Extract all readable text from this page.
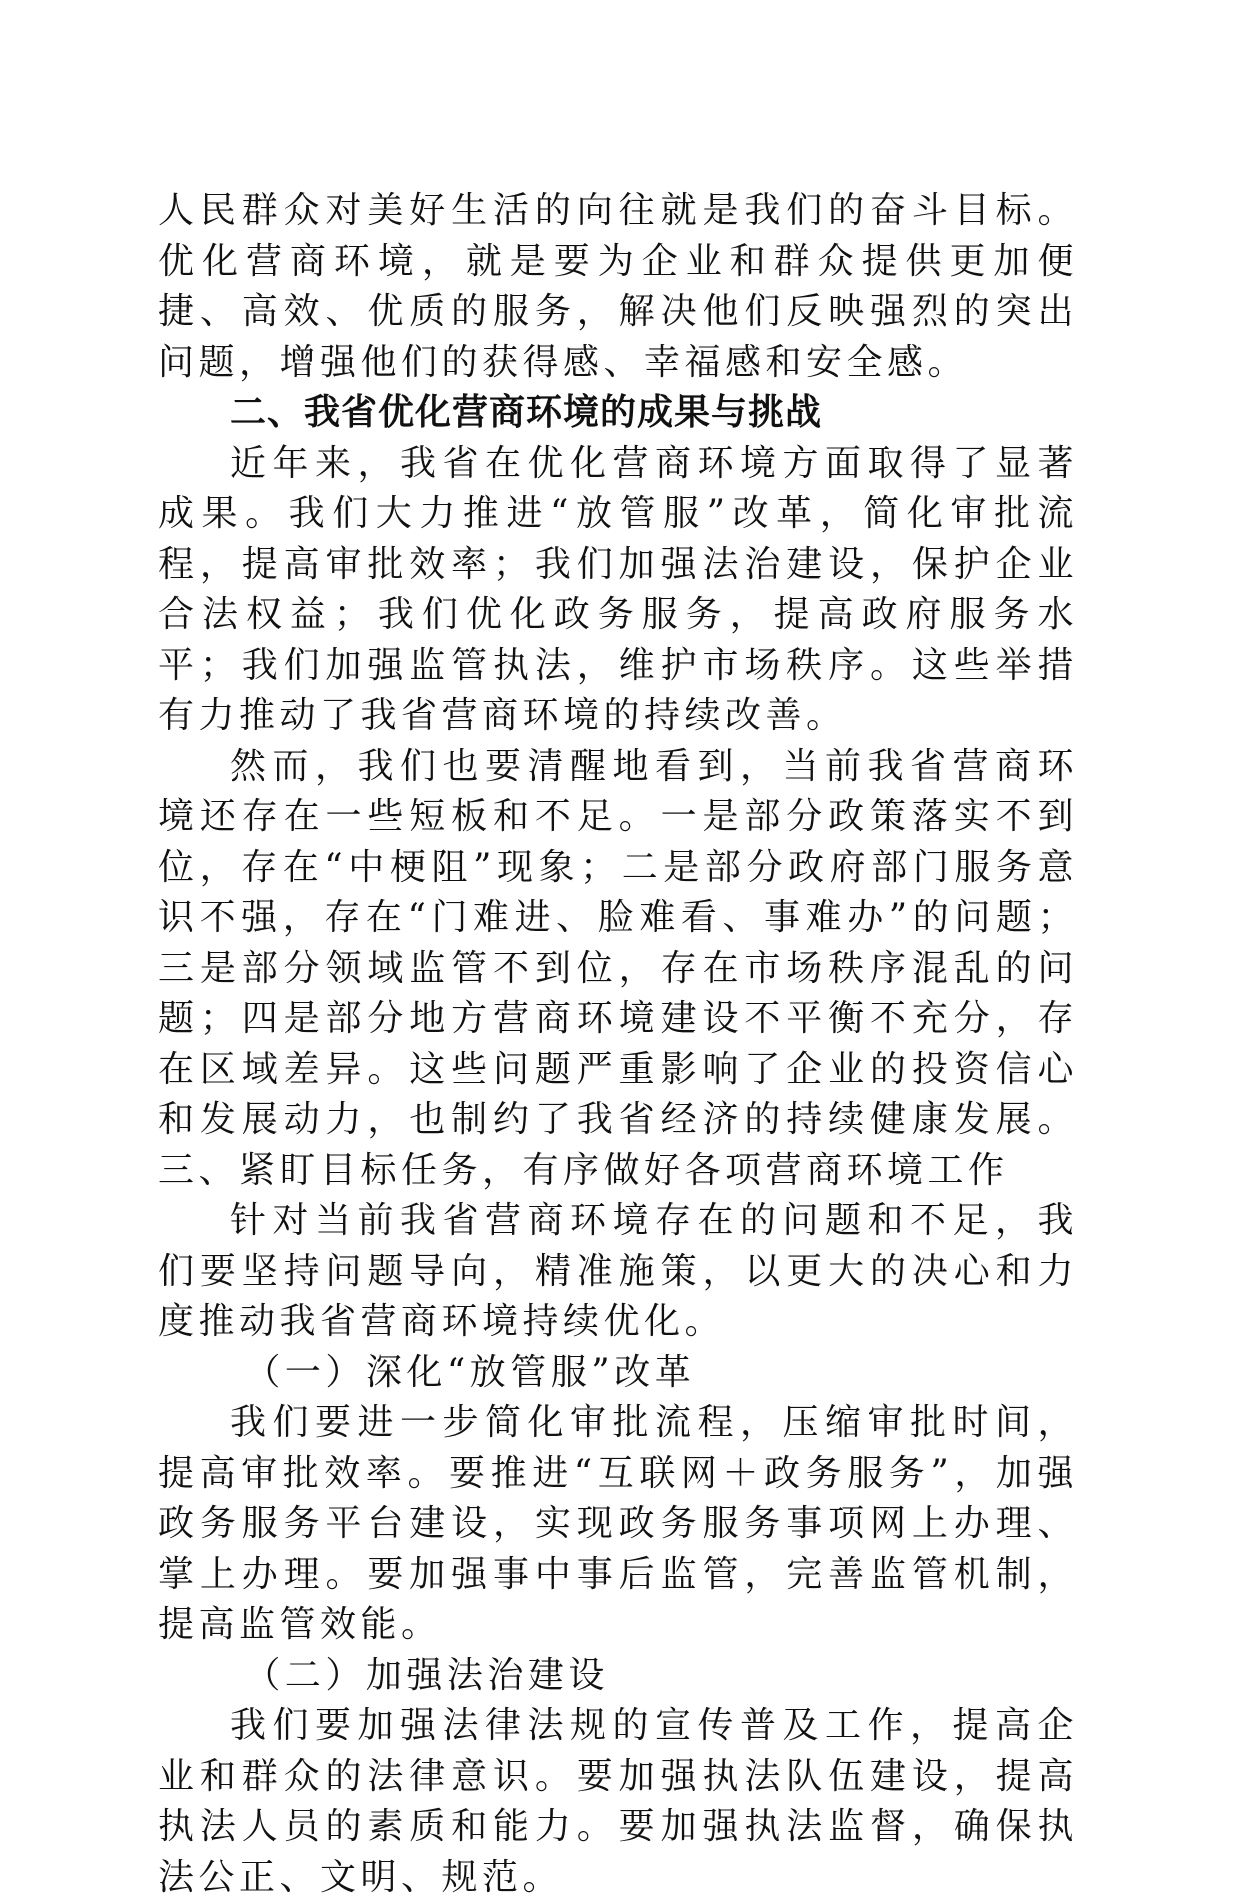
人民群众对美好生活的向往就是我们的奋斗目标。优化营商环境，就是要为企业和群众提供更加便捷、高效、优质的服务，解决他们反映强烈的突出问题，增强他们的获得感、幸福感和安全感。

二、我省优化营商环境的成果与挑战

近年来，我省在优化营商环境方面取得了显著成果。我们大力推进“放管服”改革，简化审批流程，提高审批效率；我们加强法治建设，保护企业合法权益；我们优化政务服务，提高政府服务水平；我们加强监管执法，维护市场秩序。这些举措有力推动了我省营商环境的持续改善。

然而，我们也要清醒地看到，当前我省营商环境还存在一些短板和不足。一是部分政策落实不到位，存在“中梗阻”现象；二是部分政府部门服务意识不强，存在“门难进、脸难看、事难办”的问题；三是部分领域监管不到位，存在市场秩序混乱的问题；四是部分地方营商环境建设不平衡不充分，存在区域差异。这些问题严重影响了企业的投资信心和发展动力，也制约了我省经济的持续健康发展。三、紧盯目标任务，有序做好各项营商环境工作

针对当前我省营商环境存在的问题和不足，我们要坚持问题导向，精准施策，以更大的决心和力度推动我省营商环境持续优化。

（一）深化“放管服”改革

我们要进一步简化审批流程，压缩审批时间，提高审批效率。要推进“互联网＋政务服务”，加强政务服务平台建设，实现政务服务事项网上办理、掌上办理。要加强事中事后监管，完善监管机制，提高监管效能。

（二）加强法治建设

我们要加强法律法规的宣传普及工作，提高企业和群众的法律意识。要加强执法队伍建设，提高执法人员的素质和能力。要加强执法监督，确保执法公正、文明、规范。
